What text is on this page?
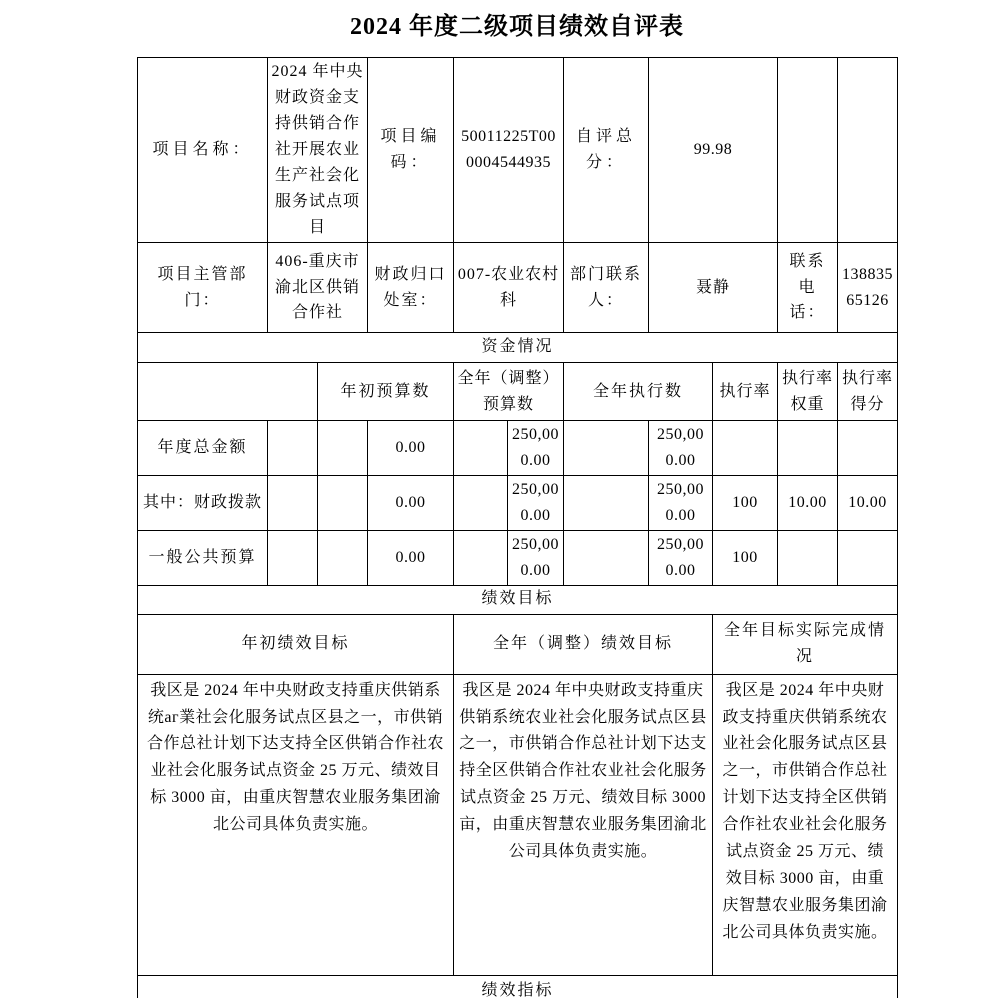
2024 年度二级项目绩效自评表
项目名称：	2024 年中央财政资金支持供销合作社开展农业生产社会化服务试点项目		项目编码：	50011225T000004544935		自评总分：	99.98			
项目主管部门：	406-重庆市渝北区供销合作社		财政归口处室：	007-农业农村科		部门联系人：	聂静		联系电话：	13883565126
资金情况										
		年初预算数		全年（调整）预算数		全年执行数		执行率	执行率权重	执行率得分
年度总金额			0.00		250,000.00		250,000.00			
其中：财政拨款			0.00		250,000.00		250,000.00	100	10.00	10.00
一般公共预算			0.00		250,000.00		250,000.00	100		
绩效目标										
年初绩效目标				全年（调整）绩效目标				全年目标实际完成情况		
我区是 2024 年中央财政支持重庆供销系统аг業社会化服务试点区县之一，市供销合作总社计划下达支持全区供销合作社农业社会化服务试点资金 25 万元、绩效目标 3000 亩，由重庆智慧农业服务集团渝北公司具体负责实施。				我区是 2024 年中央财政支持重庆供销系统农业社会化服务试点区县之一，市供销合作总社计划下达支持全区供销合作社农业社会化服务试点资金 25 万元、绩效目标 3000 亩，由重庆智慧农业服务集团渝北公司具体负责实施。				我区是 2024 年中央财政支持重庆供销系统农业社会化服务试点区县之一，市供销合作总社计划下达支持全区供销合作社农业社会化服务试点资金 25 万元、绩效目标 3000 亩，由重庆智慧农业服务集团渝北公司具体负责实施。		
绩效指标										
